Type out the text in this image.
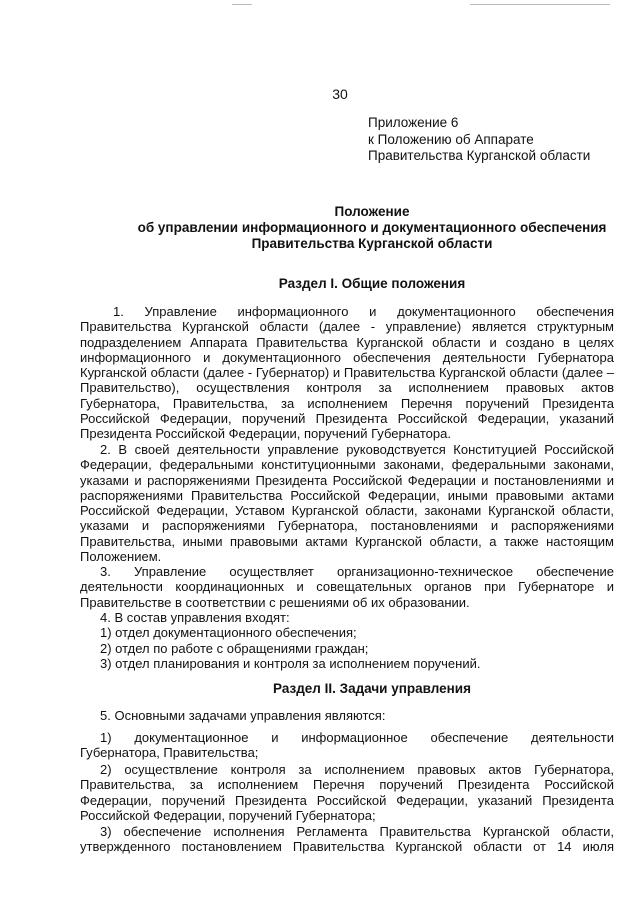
30
Приложение 6
к Положению об Аппарате
Правительства Курганской области
Положение
об управлении информационного и документационного обеспечения
Правительства Курганской области
Раздел I. Общие положения
1. Управление информационного и документационного обеспечения
Правительства Курганской области (далее - управление) является структурным
подразделением Аппарата Правительства Курганской области и создано в целях
информационного и документационного обеспечения деятельности Губернатора
Курганской области (далее - Губернатор) и Правительства Курганской области (далее –
Правительство), осуществления контроля за исполнением правовых актов
Губернатора, Правительства, за исполнением Перечня поручений Президента
Российской Федерации, поручений Президента Российской Федерации, указаний
Президента Российской Федерации, поручений Губернатора.
2. В своей деятельности управление руководствуется Конституцией Российской
Федерации, федеральными конституционными законами, федеральными законами,
указами и распоряжениями Президента Российской Федерации и постановлениями и
распоряжениями Правительства Российской Федерации, иными правовыми актами
Российской Федерации, Уставом Курганской области, законами Курганской области,
указами и распоряжениями Губернатора, постановлениями и распоряжениями
Правительства, иными правовыми актами Курганской области, а также настоящим
Положением.
3. Управление осуществляет организационно-техническое обеспечение
деятельности координационных и совещательных органов при Губернаторе и
Правительстве в соответствии с решениями об их образовании.
4. В состав управления входят:
1) отдел документационного обеспечения;
2) отдел по работе с обращениями граждан;
3) отдел планирования и контроля за исполнением поручений.
Раздел II. Задачи управления
5. Основными задачами управления являются:
1) документационное и информационное обеспечение деятельности
Губернатора, Правительства;
2) осуществление контроля за исполнением правовых актов Губернатора,
Правительства, за исполнением Перечня поручений Президента Российской
Федерации, поручений Президента Российской Федерации, указаний Президента
Российской Федерации, поручений Губернатора;
3) обеспечение исполнения Регламента Правительства Курганской области,
утвержденного постановлением Правительства Курганской области от 14 июля
